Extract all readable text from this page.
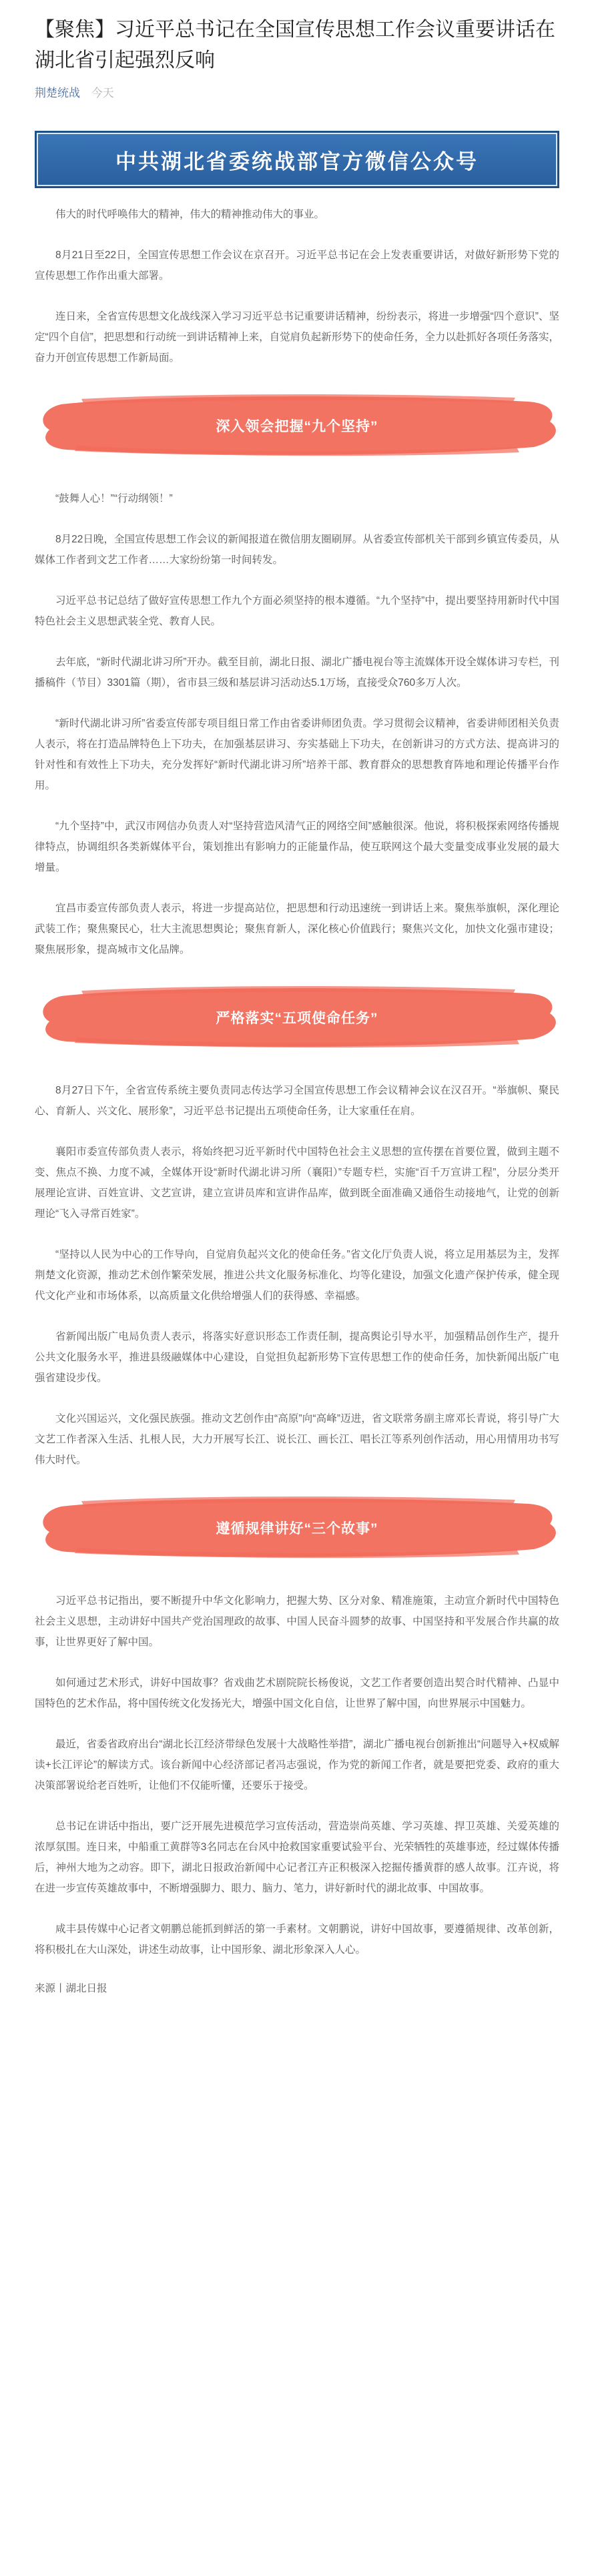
【聚焦】习近平总书记在全国宣传思想工作会议重要讲话在湖北省引起强烈反响
荆楚统战 今天
中共湖北省委统战部官方微信公众号

伟大的时代呼唤伟大的精神，伟大的精神推动伟大的事业。

8月21日至22日，全国宣传思想工作会议在京召开。习近平总书记在会上发表重要讲话，对做好新形势下党的宣传思想工作作出重大部署。

连日来，全省宣传思想文化战线深入学习习近平总书记重要讲话精神，纷纷表示，将进一步增强“四个意识”、坚定“四个自信”，把思想和行动统一到讲话精神上来，自觉肩负起新形势下的使命任务，全力以赴抓好各项任务落实，奋力开创宣传思想工作新局面。

深入领会把握“九个坚持”

“鼓舞人心！”“行动纲领！”

8月22日晚，全国宣传思想工作会议的新闻报道在微信朋友圈刷屏。从省委宣传部机关干部到乡镇宣传委员，从媒体工作者到文艺工作者……大家纷纷第一时间转发。

习近平总书记总结了做好宣传思想工作九个方面必须坚持的根本遵循。“九个坚持”中，提出要坚持用新时代中国特色社会主义思想武装全党、教育人民。

去年底，“新时代湖北讲习所”开办。截至目前，湖北日报、湖北广播电视台等主流媒体开设全媒体讲习专栏，刊播稿件（节目）3301篇（期），省市县三级和基层讲习活动达5.1万场，直接受众760多万人次。

“新时代湖北讲习所”省委宣传部专项目组日常工作由省委讲师团负责。学习贯彻会议精神，省委讲师团相关负责人表示，将在打造品牌特色上下功夫，在加强基层讲习、夯实基础上下功夫，在创新讲习的方式方法、提高讲习的针对性和有效性上下功夫，充分发挥好“新时代湖北讲习所”培养干部、教育群众的思想教育阵地和理论传播平台作用。

“九个坚持”中，武汉市网信办负责人对“坚持营造风清气正的网络空间”感触很深。他说，将积极探索网络传播规律特点，协调组织各类新媒体平台，策划推出有影响力的正能量作品，使互联网这个最大变量变成事业发展的最大增量。

宜昌市委宣传部负责人表示，将进一步提高站位，把思想和行动迅速统一到讲话上来。聚焦举旗帜，深化理论武装工作；聚焦聚民心，壮大主流思想舆论；聚焦育新人，深化核心价值践行；聚焦兴文化，加快文化强市建设；聚焦展形象，提高城市文化品牌。

严格落实“五项使命任务”

8月27日下午，全省宣传系统主要负责同志传达学习全国宣传思想工作会议精神会议在汉召开。“举旗帜、聚民心、育新人、兴文化、展形象”，习近平总书记提出五项使命任务，让大家重任在肩。

襄阳市委宣传部负责人表示，将始终把习近平新时代中国特色社会主义思想的宣传摆在首要位置，做到主题不变、焦点不换、力度不减，全媒体开设“新时代湖北讲习所（襄阳）”专题专栏，实施“百千万宣讲工程”，分层分类开展理论宣讲、百姓宣讲、文艺宣讲，建立宣讲员库和宣讲作品库，做到既全面准确又通俗生动接地气，让党的创新理论“飞入寻常百姓家”。

“坚持以人民为中心的工作导向，自觉肩负起兴文化的使命任务。”省文化厅负责人说，将立足用基层为主，发挥荆楚文化资源，推动艺术创作繁荣发展，推进公共文化服务标准化、均等化建设，加强文化遗产保护传承，健全现代文化产业和市场体系，以高质量文化供给增强人们的获得感、幸福感。

省新闻出版广电局负责人表示，将落实好意识形态工作责任制，提高舆论引导水平，加强精品创作生产，提升公共文化服务水平，推进县级融媒体中心建设，自觉担负起新形势下宣传思想工作的使命任务，加快新闻出版广电强省建设步伐。

文化兴国运兴，文化强民族强。推动文艺创作由“高原”向“高峰”迈进，省文联常务副主席邓长青说，将引导广大文艺工作者深入生活、扎根人民，大力开展写长江、说长江、画长江、唱长江等系列创作活动，用心用情用功书写伟大时代。

遵循规律讲好“三个故事”

习近平总书记指出，要不断提升中华文化影响力，把握大势、区分对象、精准施策，主动宣介新时代中国特色社会主义思想，主动讲好中国共产党治国理政的故事、中国人民奋斗圆梦的故事、中国坚持和平发展合作共赢的故事，让世界更好了解中国。

如何通过艺术形式，讲好中国故事？省戏曲艺术剧院院长杨俊说，文艺工作者要创造出契合时代精神、凸显中国特色的艺术作品，将中国传统文化发扬光大，增强中国文化自信，让世界了解中国，向世界展示中国魅力。

最近，省委省政府出台“湖北长江经济带绿色发展十大战略性举措”，湖北广播电视台创新推出“问题导入+权威解读+长江评论”的解读方式。该台新闻中心经济部记者冯志强说，作为党的新闻工作者，就是要把党委、政府的重大决策部署说给老百姓听，让他们不仅能听懂，还要乐于接受。

总书记在讲话中指出，要广泛开展先进模范学习宣传活动，营造崇尚英雄、学习英雄、捍卫英雄、关爱英雄的浓厚氛围。连日来，中船重工黄群等3名同志在台风中抢救国家重要试验平台、光荣牺牲的英雄事迹，经过媒体传播后，神州大地为之动容。即下，湖北日报政治新闻中心记者江卉正积极深入挖掘传播黄群的感人故事。江卉说，将在进一步宣传英雄故事中，不断增强脚力、眼力、脑力、笔力，讲好新时代的湖北故事、中国故事。

咸丰县传媒中心记者文朝鹏总能抓到鲜活的第一手素材。文朝鹏说，讲好中国故事，要遵循规律、改革创新，将积极扎在大山深处，讲述生动故事，让中国形象、湖北形象深入人心。

来源丨湖北日报
